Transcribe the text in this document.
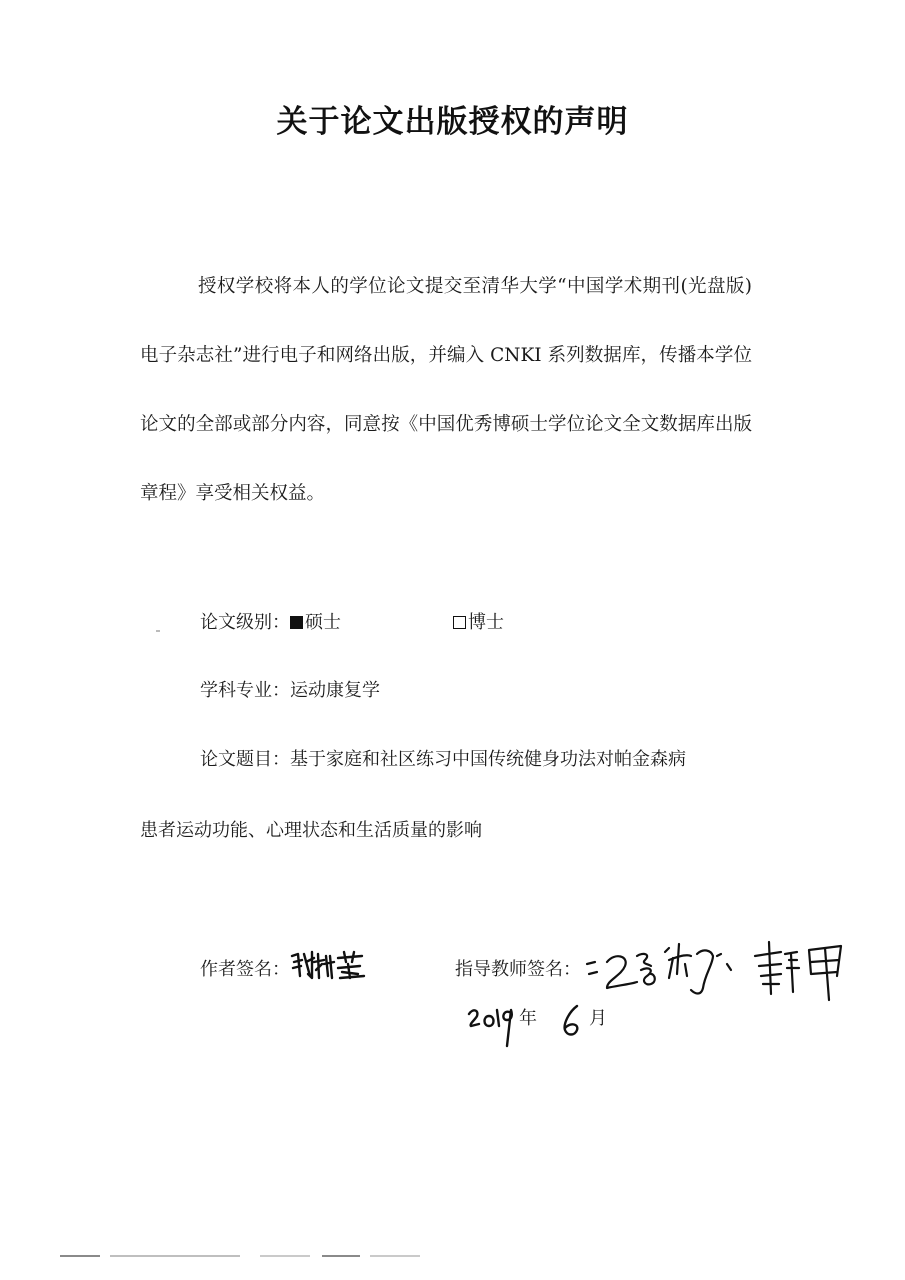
关于论文出版授权的声明
授权学校将本人的学位论文提交至清华大学“中国学术期刊(光盘版)电子杂志社”进行电子和网络出版，并编入 CNKI 系列数据库，传播本学位论文的全部或部分内容，同意按《中国优秀博硕士学位论文全文数据库出版章程》享受相关权益。
论文级别： 硕士	博士
学科专业：运动康复学
论文题目：基于家庭和社区练习中国传统健身功法对帕金森病
患者运动功能、心理状态和生活质量的影响
作者签名：	指导教师签名：
年	月
